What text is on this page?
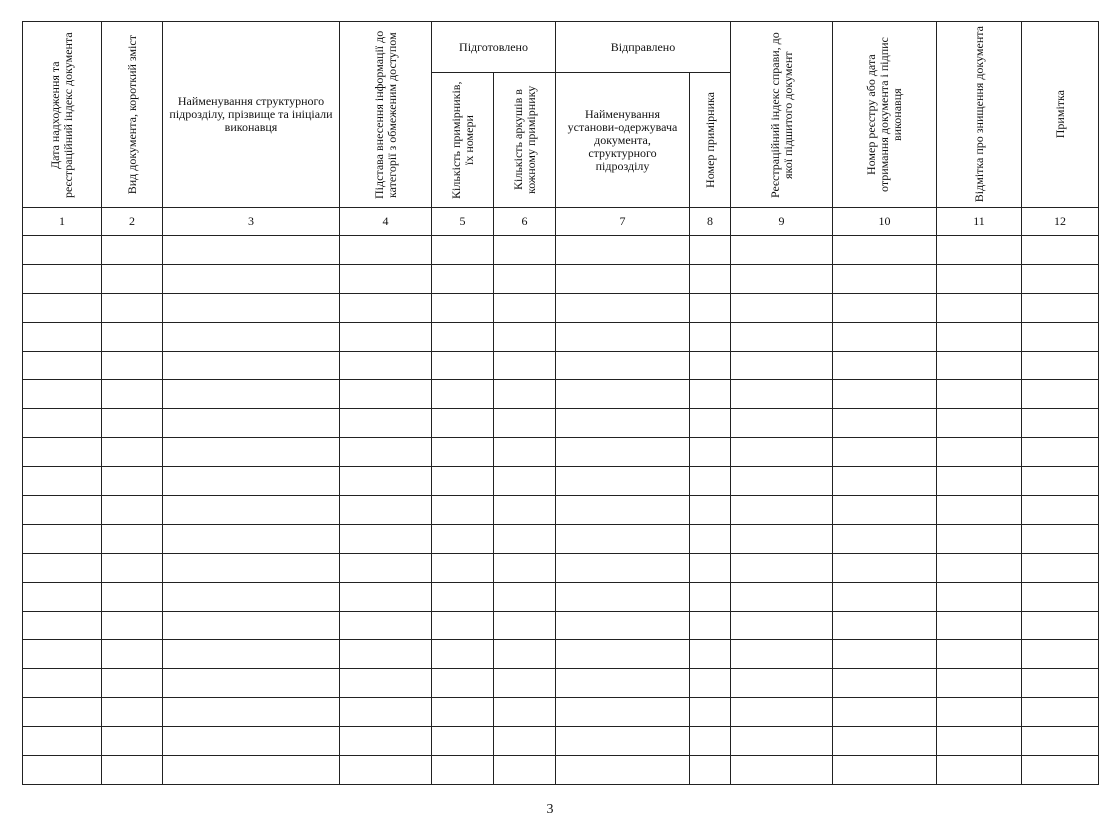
Дата надходження та реєстраційний індекс документа	Вид документа, короткий зміст	Найменування структурного підрозділу, прізвище та ініціали виконавця	Підстава внесення інформації до категорії з обмеженим доступом	Підготовлено		Відправлено		Реєстраційний індекс справи, до якої підшитого документ	Номер реєстру або дата отримання документа і підпис виконавця	Відмітка про знищення документа	Примітка

				Кількість примірників, їх номери	Кількість аркушів в кожному примірнику	Найменування установи-одержувача документа, структурного підрозділу	Номер примірника				

1	2	3	4	5	6	7	8	9	10	11	12

3
